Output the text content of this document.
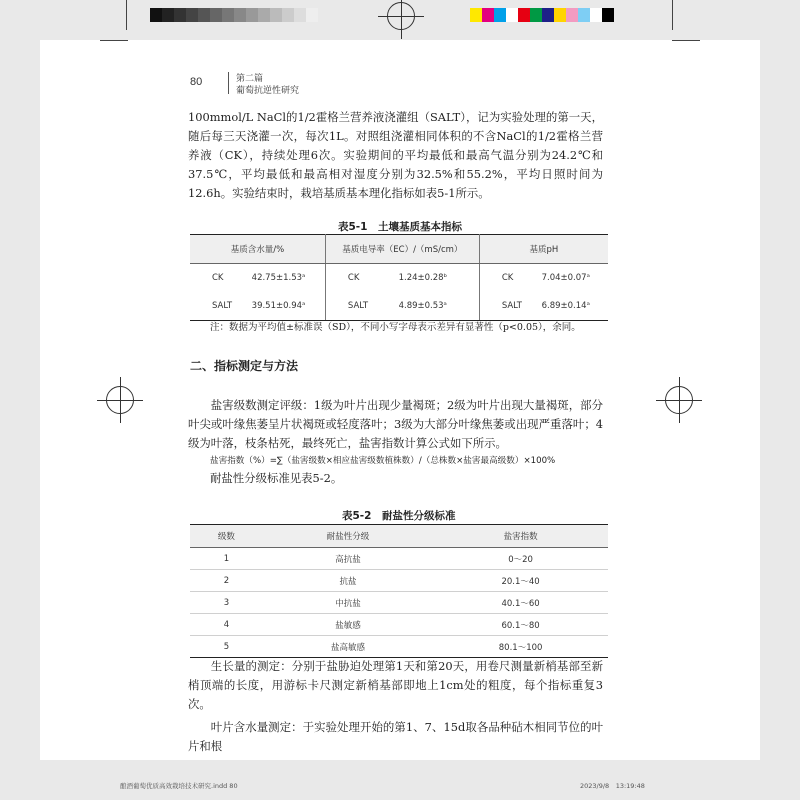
80	第二篇
葡萄抗逆性研究

100mmol/L NaCl的1/2霍格兰营养液浇灌组（SALT），记为实验处理的第一天，随后每三天浇灌一次，每次1L。对照组浇灌相同体积的不含NaCl的1/2霍格兰营养液（CK），持续处理6次。实验期间的平均最低和最高气温分别为24.2℃和37.5℃，平均最低和最高相对湿度分别为32.5%和55.2%，平均日照时间为12.6h。实验结束时，栽培基质基本理化指标如表5-1所示。

表5-1　土壤基质基本指标
基质含水量/%		基质电导率（EC）/（mS/cm）		基质pH	
CK	42.75±1.53ᵃ	CK	1.24±0.28ᵇ	CK	7.04±0.07ᵃ
SALT	39.51±0.94ᵃ	SALT	4.89±0.53ᵃ	SALT	6.89±0.14ᵃ
注：数据为平均值±标准误（SD），不同小写字母表示差异有显著性（p<0.05），余同。
二、指标测定与方法

盐害级数测定评级：1级为叶片出现少量褐斑；2级为叶片出现大量褐斑，部分叶尖或叶缘焦萎呈片状褐斑或轻度落叶；3级为大部分叶缘焦萎或出现严重落叶；4级为叶落，枝条枯死，最终死亡，盐害指数计算公式如下所示。

盐害指数（%）=∑（盐害级数×相应盐害级数植株数）/（总株数×盐害最高级数）×100%

耐盐性分级标准见表5-2。

表5-2　耐盐性分级标准
级数	耐盐性分级	盐害指数
1	高抗盐	0～20
2	抗盐	20.1～40
3	中抗盐	40.1～60
4	盐敏感	60.1～80
5	盐高敏感	80.1～100

生长量的测定：分别于盐胁迫处理第1天和第20天，用卷尺测量新梢基部至新梢顶端的长度，用游标卡尺测定新梢基部即地上1cm处的粗度，每个指标重复3次。

叶片含水量测定：于实验处理开始的第1、7、15d取各品种砧木相同节位的叶片和根

酿酒葡萄优质高效栽培技术研究.indd 80	2023/9/8　13:19:48
